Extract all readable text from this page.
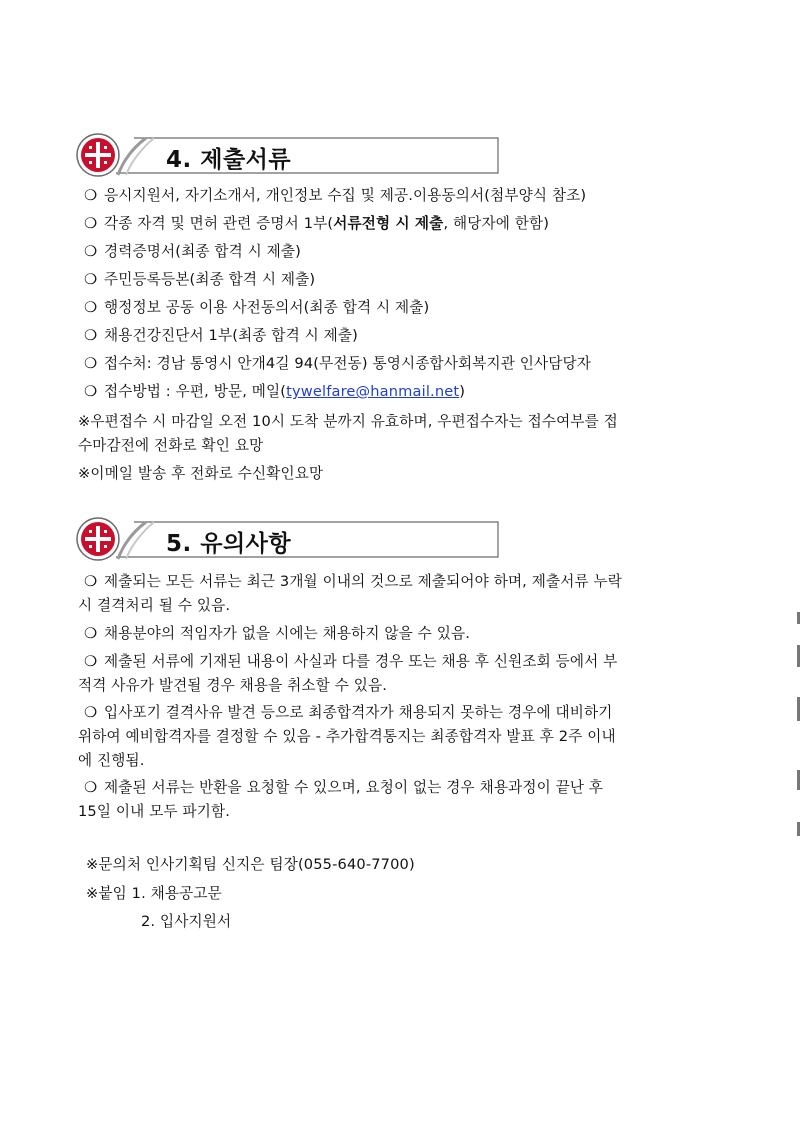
4. 제출서류
❍ 응시지원서, 자기소개서, 개인정보 수집 및 제공.이용동의서(첨부양식 참조)
❍ 각종 자격 및 면허 관련 증명서 1부(서류전형 시 제출, 해당자에 한함)
❍ 경력증명서(최종 합격 시 제출)
❍ 주민등록등본(최종 합격 시 제출)
❍ 행정정보 공동 이용 사전동의서(최종 합격 시 제출)
❍ 채용건강진단서 1부(최종 합격 시 제출)
❍ 접수처: 경남 통영시 안개4길 94(무전동) 통영시종합사회복지관 인사담당자
❍ 접수방법 : 우편, 방문, 메일(tywelfare@hanmail.net)
※우편접수 시 마감일 오전 10시 도착 분까지 유효하며, 우편접수자는 접수여부를 접
수마감전에 전화로 확인 요망
※이메일 발송 후 전화로 수신확인요망
5. 유의사항
❍ 제출되는 모든 서류는 최근 3개월 이내의 것으로 제출되어야 하며, 제출서류 누락
시 결격처리 될 수 있음.
❍ 채용분야의 적임자가 없을 시에는 채용하지 않을 수 있음.
❍ 제출된 서류에 기재된 내용이 사실과 다를 경우 또는 채용 후 신원조회 등에서 부
적격 사유가 발견될 경우 채용을 취소할 수 있음.
❍ 입사포기 결격사유 발견 등으로 최종합격자가 채용되지 못하는 경우에 대비하기
위하여 예비합격자를 결정할 수 있음 - 추가합격통지는 최종합격자 발표 후 2주 이내
에 진행됨.
❍ 제출된 서류는 반환을 요청할 수 있으며, 요청이 없는 경우 채용과정이 끝난 후
15일 이내 모두 파기함.
※문의처 인사기획팀 신지은 팀장(055-640-7700)
※붙임 1. 채용공고문
2. 입사지원서
